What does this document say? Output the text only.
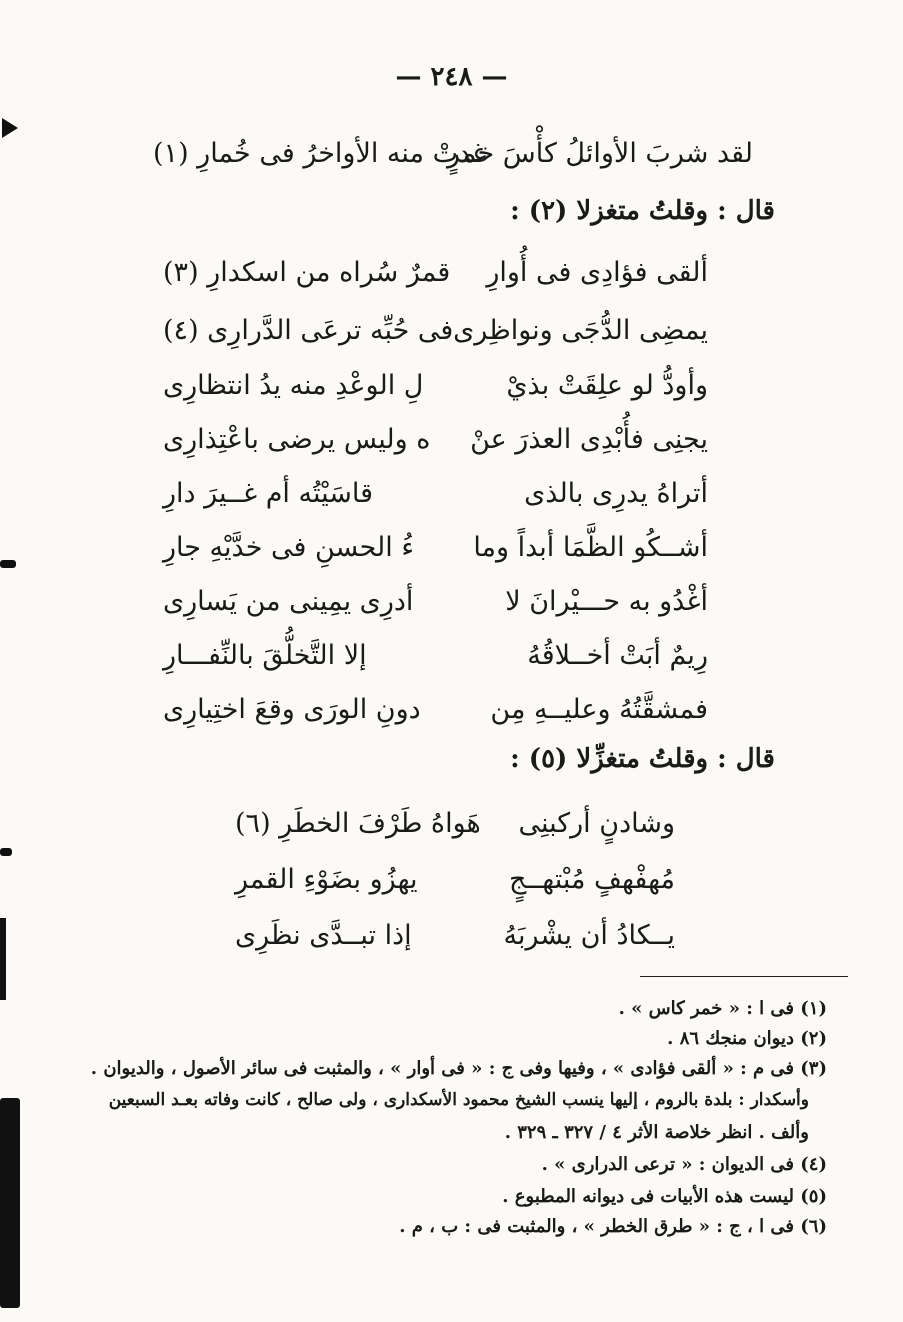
— ٢٤٨ —
لقد شربَ الأوائلُ كأْسَ خمرٍ
غدتْ منه الأواخرُ فى خُمارِ (١)
قال : وقلتُ متغزلا (٢) :
ألقى فؤادِى فى أُوارِ
قمرٌ سُراه من اسكدارِ (٣)
يمضِى الدُّجَى ونواظِرى
فى حُبِّه ترعَى الدَّرارِى (٤)
وأودُّ لو علِقَتْ بذيْ
لِ الوعْدِ منه يدُ انتظارِى
يجنِى فأُبْدِى العذرَ عنْ
ه وليس يرضى باعْتِذارِى
أتراهُ يدرِى بالذى
قاسَيْتُه أم غــيرَ دارِ
أشــكُو الظَّمَا أبداً وما
ءُ الحسنِ فى خدَّيْهِ جارِ
أغْدُو به حـــيْرانَ لا
أدرِى يمِينى من يَسارِى
رِيمٌ أبَتْ أخــلاقُهُ
إلا التَّخلُّقَ بالنِّفـــارِ
فمشقَّتُهُ وعليــهِ مِن
دونِ الورَى وقعَ اختِيارِى
قال : وقلتُ متغزِّلا (٥) :
وشادنٍ أركبنِى
هَواهُ طَرْفَ الخطَرِ (٦)
مُهفْهفٍ مُبْتهــجٍ
يهزُو بضَوْءِ القمرِ
يــكادُ أن يشْربَهُ
إذا تبــدَّى نظَرِى
(١) فى ا : « خمر كاس » .
(٢) ديوان منجك ٨٦ .
(٣) فى م : « ألقى فؤادى » ، وفيها وفى ج : « فى أوار » ، والمثبت فى سائر الأصول ، والديوان .
وأسكدار : بلدة بالروم ، إليها ينسب الشيخ محمود الأسكدارى ، ولى صالح ، كانت وفاته بعـد السبعين
وألف . انظر خلاصة الأثر ٤ / ٣٢٧ ـ ٣٢٩ .
(٤) فى الديوان : « ترعى الدرارى » .
(٥) ليست هذه الأبيات فى ديوانه المطبوع .
(٦) فى ا ، ج : « طرق الخطر » ، والمثبت فى : ب ، م .
